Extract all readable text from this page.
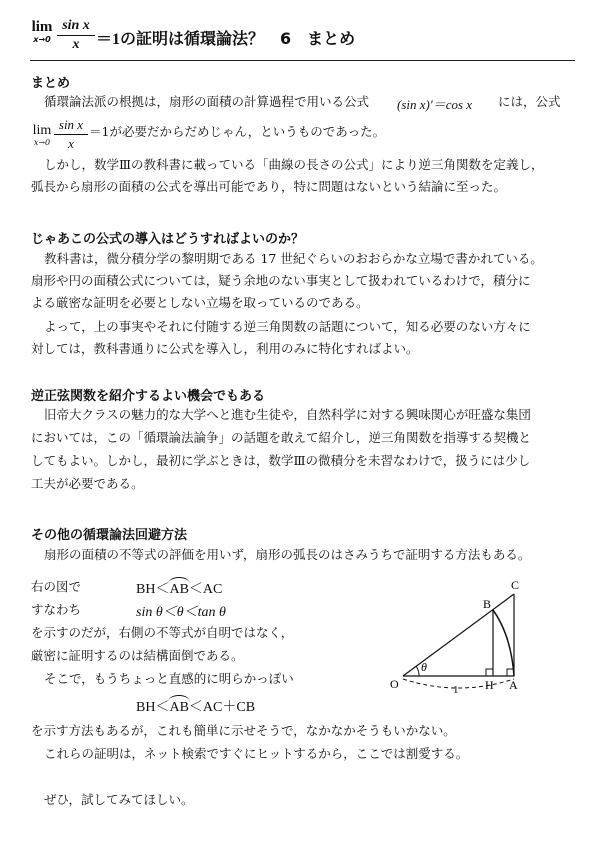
lim
x→0
sin x
x	＝1 の証明は循環論法？　6　まとめ
まとめ
循環論法派の根拠は，扇形の面積の計算過程で用いる公式 (sin x)′＝cos x には，公式
lim
x→0
sin x
x
＝1が必要だからだめじゃん，というものであった。
しかし，数学Ⅲの教科書に載っている「曲線の長さの公式」により逆三角関数を定義し，
弧長から扇形の面積の公式を導出可能であり，特に問題はないという結論に至った。
じゃあこの公式の導入はどうすればよいのか？
教科書は，微分積分学の黎明期である 17 世紀ぐらいのおおらかな立場で書かれている。
扇形や円の面積公式については，疑う余地のない事実として扱われているわけで，積分に
よる厳密な証明を必要としない立場を取っているのである。
よって，上の事実やそれに付随する逆三角関数の話題について，知る必要のない方々に
対しては，教科書通りに公式を導入し，利用のみに特化すればよい。
逆正弦関数を紹介するよい機会でもある
旧帝大クラスの魅力的な大学へと進む生徒や，自然科学に対する興味関心が旺盛な集団
においては，この「循環論法論争」の話題を敢えて紹介し，逆三角関数を指導する契機と
してもよい。しかし，最初に学ぶときは，数学Ⅲの微積分を未習なわけで，扱うには少し
工夫が必要である。
その他の循環論法回避方法
扇形の面積の不等式の評価を用いず，扇形の弧長のはさみうちで証明する方法もある。
右の図で	BH＜
AB＜AC
すなわち	sin θ＜θ＜tan θ
を示すのだが，右側の不等式が自明ではなく，
厳密に証明するのは結構面倒である。
そこで，もうちょっと直感的に明らかっぽい
BH＜
AB＜AC＋CB
を示す方法もあるが，これも簡単に示せそうで，なかなかそうもいかない。
これらの証明は，ネット検索ですぐにヒットするから，ここでは割愛する。
ぜひ，試してみてほしい。
O	H A
B
C
θ
1
